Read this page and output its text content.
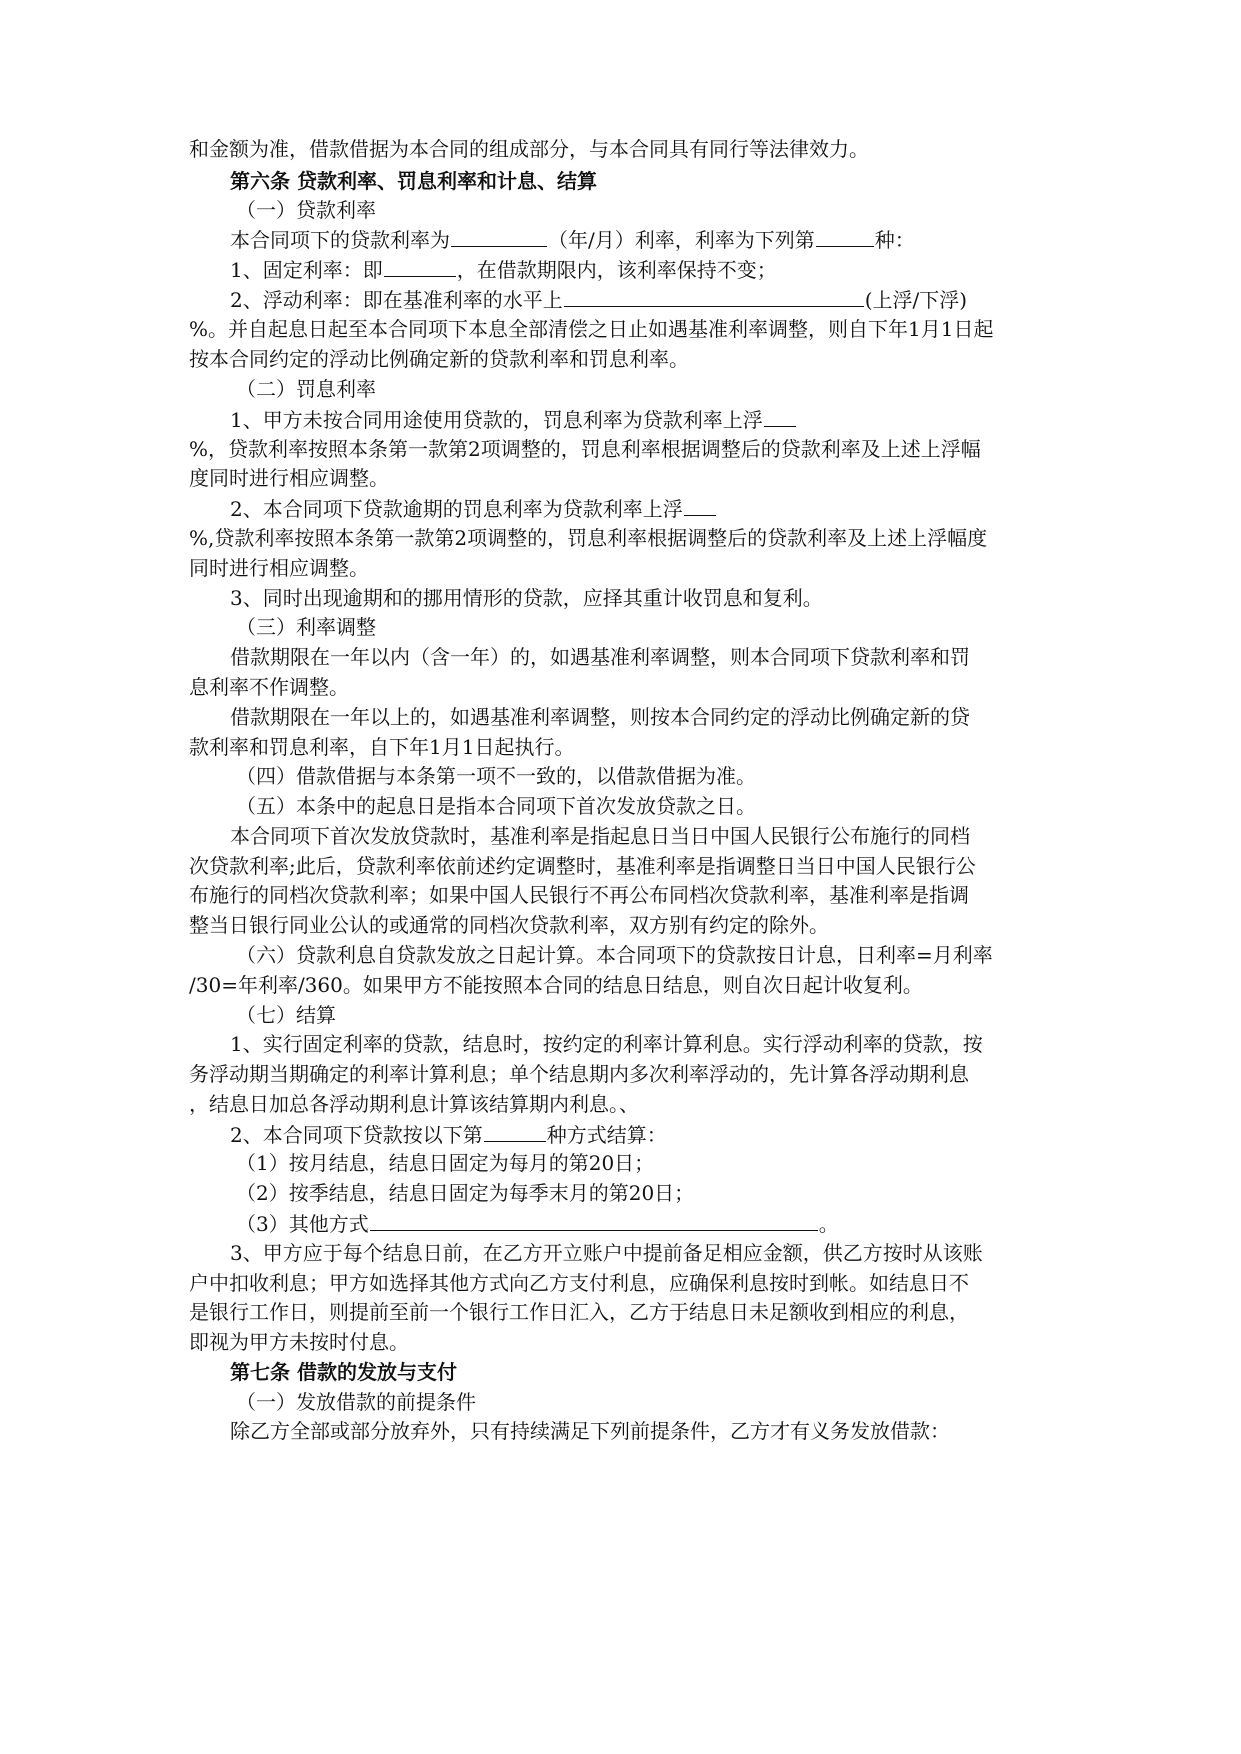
和金额为准，借款借据为本合同的组成部分，与本合同具有同行等法律效力。
第六条 贷款利率、罚息利率和计息、结算
（一）贷款利率
本合同项下的贷款利率为	（年/月）利率，利率为下列第	种：
1、固定利率：即	，在借款期限内，该利率保持不变；
2、浮动利率：即在基准利率的水平上	(上浮/下浮)
%。并自起息日起至本合同项下本息全部清偿之日止如遇基准利率调整，则自下年1月1日起
按本合同约定的浮动比例确定新的贷款利率和罚息利率。
（二）罚息利率
1、甲方未按合同用途使用贷款的，罚息利率为贷款利率上浮
%，贷款利率按照本条第一款第2项调整的，罚息利率根据调整后的贷款利率及上述上浮幅
度同时进行相应调整。
2、本合同项下贷款逾期的罚息利率为贷款利率上浮
%,贷款利率按照本条第一款第2项调整的，罚息利率根据调整后的贷款利率及上述上浮幅度
同时进行相应调整。
3、同时出现逾期和的挪用情形的贷款，应择其重计收罚息和复利。
（三）利率调整
借款期限在一年以内（含一年）的，如遇基准利率调整，则本合同项下贷款利率和罚
息利率不作调整。
借款期限在一年以上的，如遇基准利率调整，则按本合同约定的浮动比例确定新的贷
款利率和罚息利率，自下年1月1日起执行。
（四）借款借据与本条第一项不一致的，以借款借据为准。
（五）本条中的起息日是指本合同项下首次发放贷款之日。
本合同项下首次发放贷款时，基准利率是指起息日当日中国人民银行公布施行的同档
次贷款利率;此后，贷款利率依前述约定调整时，基准利率是指调整日当日中国人民银行公
布施行的同档次贷款利率；如果中国人民银行不再公布同档次贷款利率，基准利率是指调
整当日银行同业公认的或通常的同档次贷款利率，双方别有约定的除外。
（六）贷款利息自贷款发放之日起计算。本合同项下的贷款按日计息，日利率=月利率
/30=年利率/360。如果甲方不能按照本合同的结息日结息，则自次日起计收复利。
（七）结算
1、实行固定利率的贷款，结息时，按约定的利率计算利息。实行浮动利率的贷款，按
务浮动期当期确定的利率计算利息；单个结息期内多次利率浮动的，先计算各浮动期利息
，结息日加总各浮动期利息计算该结算期内利息。、
2、本合同项下贷款按以下第	种方式结算：
（1）按月结息，结息日固定为每月的第20日；
（2）按季结息，结息日固定为每季末月的第20日；
（3）其他方式	。
3、甲方应于每个结息日前，在乙方开立账户中提前备足相应金额，供乙方按时从该账
户中扣收利息；甲方如选择其他方式向乙方支付利息，应确保利息按时到帐。如结息日不
是银行工作日，则提前至前一个银行工作日汇入，乙方于结息日未足额收到相应的利息，
即视为甲方未按时付息。
第七条 借款的发放与支付
（一）发放借款的前提条件
除乙方全部或部分放弃外，只有持续满足下列前提条件，乙方才有义务发放借款：
